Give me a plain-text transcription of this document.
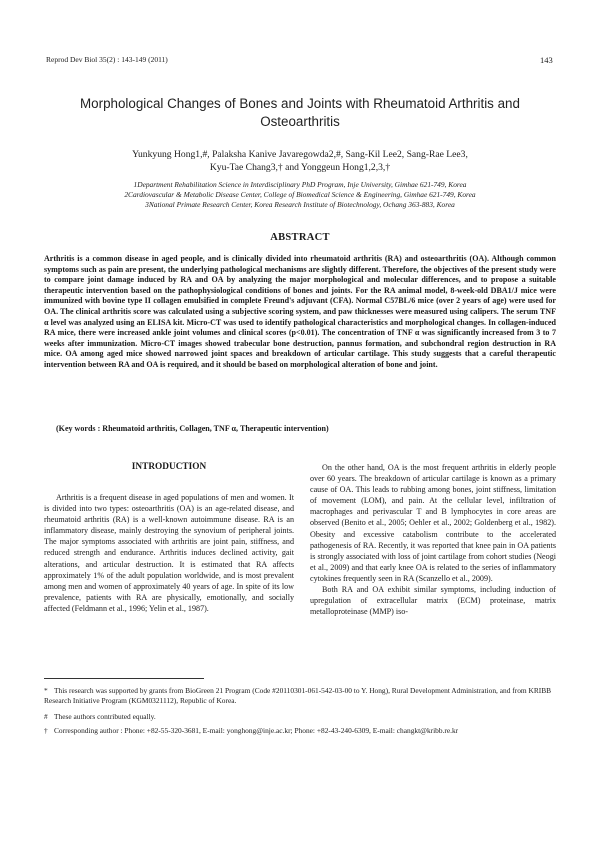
Reprod Dev Biol 35(2) : 143-149 (2011)	143
Morphological Changes of Bones and Joints with Rheumatoid Arthritis and Osteoarthritis
Yunkyung Hong1,#, Palaksha Kanive Javaregowda2,#, Sang-Kil Lee2, Sang-Rae Lee3,
Kyu-Tae Chang3,† and Yonggeun Hong1,2,3,†
1Department Rehabilitation Science in Interdisciplinary PhD Program, Inje University, Gimhae 621-749, Korea
2Cardiovascular & Metabolic Disease Center, College of Biomedical Science & Engineering, Gimhae 621-749, Korea
3National Primate Research Center, Korea Research Institute of Biotechnology, Ochang 363-883, Korea
ABSTRACT
Arthritis is a common disease in aged people, and is clinically divided into rheumatoid arthritis (RA) and osteoarthritis (OA). Although common symptoms such as pain are present, the underlying pathological mechanisms are slightly different. Therefore, the objectives of the present study were to compare joint damage induced by RA and OA by analyzing the major morphological and molecular differences, and to propose a suitable therapeutic intervention based on the pathophysiological conditions of bones and joints. For the RA animal model, 8-week-old DBA1/J mice were immunized with bovine type II collagen emulsified in complete Freund's adjuvant (CFA). Normal C57BL/6 mice (over 2 years of age) were used for OA. The clinical arthritis score was calculated using a subjective scoring system, and paw thicknesses were measured using calipers. The serum TNF α level was analyzed using an ELISA kit. Micro-CT was used to identify pathological characteristics and morphological changes. In collagen-induced RA mice, there were increased ankle joint volumes and clinical scores (p<0.01). The concentration of TNF α was significantly increased from 3 to 7 weeks after immunization. Micro-CT images showed trabecular bone destruction, pannus formation, and subchondral region destruction in RA mice. OA among aged mice showed narrowed joint spaces and breakdown of articular cartilage. This study suggests that a careful therapeutic intervention between RA and OA is required, and it should be based on morphological alteration of bone and joint.
(Key words : Rheumatoid arthritis, Collagen, TNF α, Therapeutic intervention)
INTRODUCTION

Arthritis is a frequent disease in aged populations of men and women. It is divided into two types: osteoarthritis (OA) is an age-related disease, and rheumatoid arthritis (RA) is a well-known autoimmune disease. RA is an inflammatory disease, mainly destroying the synovium of peripheral joints. The major symptoms associated with arthritis are joint pain, stiffness, and reduced strength and endurance. Arthritis induces declined activity, gait alterations, and articular destruction. It is estimated that RA affects approximately 1% of the adult population worldwide, and is most prevalent among men and women of approximately 40 years of age. In spite of its low prevalence, patients with RA are physically, emotionally, and socially affected (Feldmann et al., 1996; Yelin et al., 1987).

On the other hand, OA is the most frequent arthritis in elderly people over 60 years. The breakdown of articular cartilage is known as a primary cause of OA. This leads to rubbing among bones, joint stiffness, limitation of movement (LOM), and pain. At the cellular level, infiltration of macrophages and perivascular T and B lymphocytes in core areas are observed (Benito et al., 2005; Oehler et al., 2002; Goldenberg et al., 1982). Obesity and excessive catabolism contribute to the accelerated pathogenesis of RA. Recently, it was reported that knee pain in OA patients is strongly associated with loss of joint cartilage from cohort studies (Neogi et al., 2009) and that early knee OA is related to the series of inflammatory cytokines frequently seen in RA (Scanzello et al., 2009).

Both RA and OA exhibit similar symptoms, including induction of upregulation of extracellular matrix (ECM) proteinase, matrix metalloproteinase (MMP) iso-

* This research was supported by grants from BioGreen 21 Program (Code #20110301-061-542-03-00 to Y. Hong), Rural Development Administration, and from KRIBB Research Initiative Program (KGM0321112), Republic of Korea.
# These authors contributed equally.
† Corresponding author : Phone: +82-55-320-3681, E-mail: yonghong@inje.ac.kr; Phone: +82-43-240-6309, E-mail: changkt@kribb.re.kr
